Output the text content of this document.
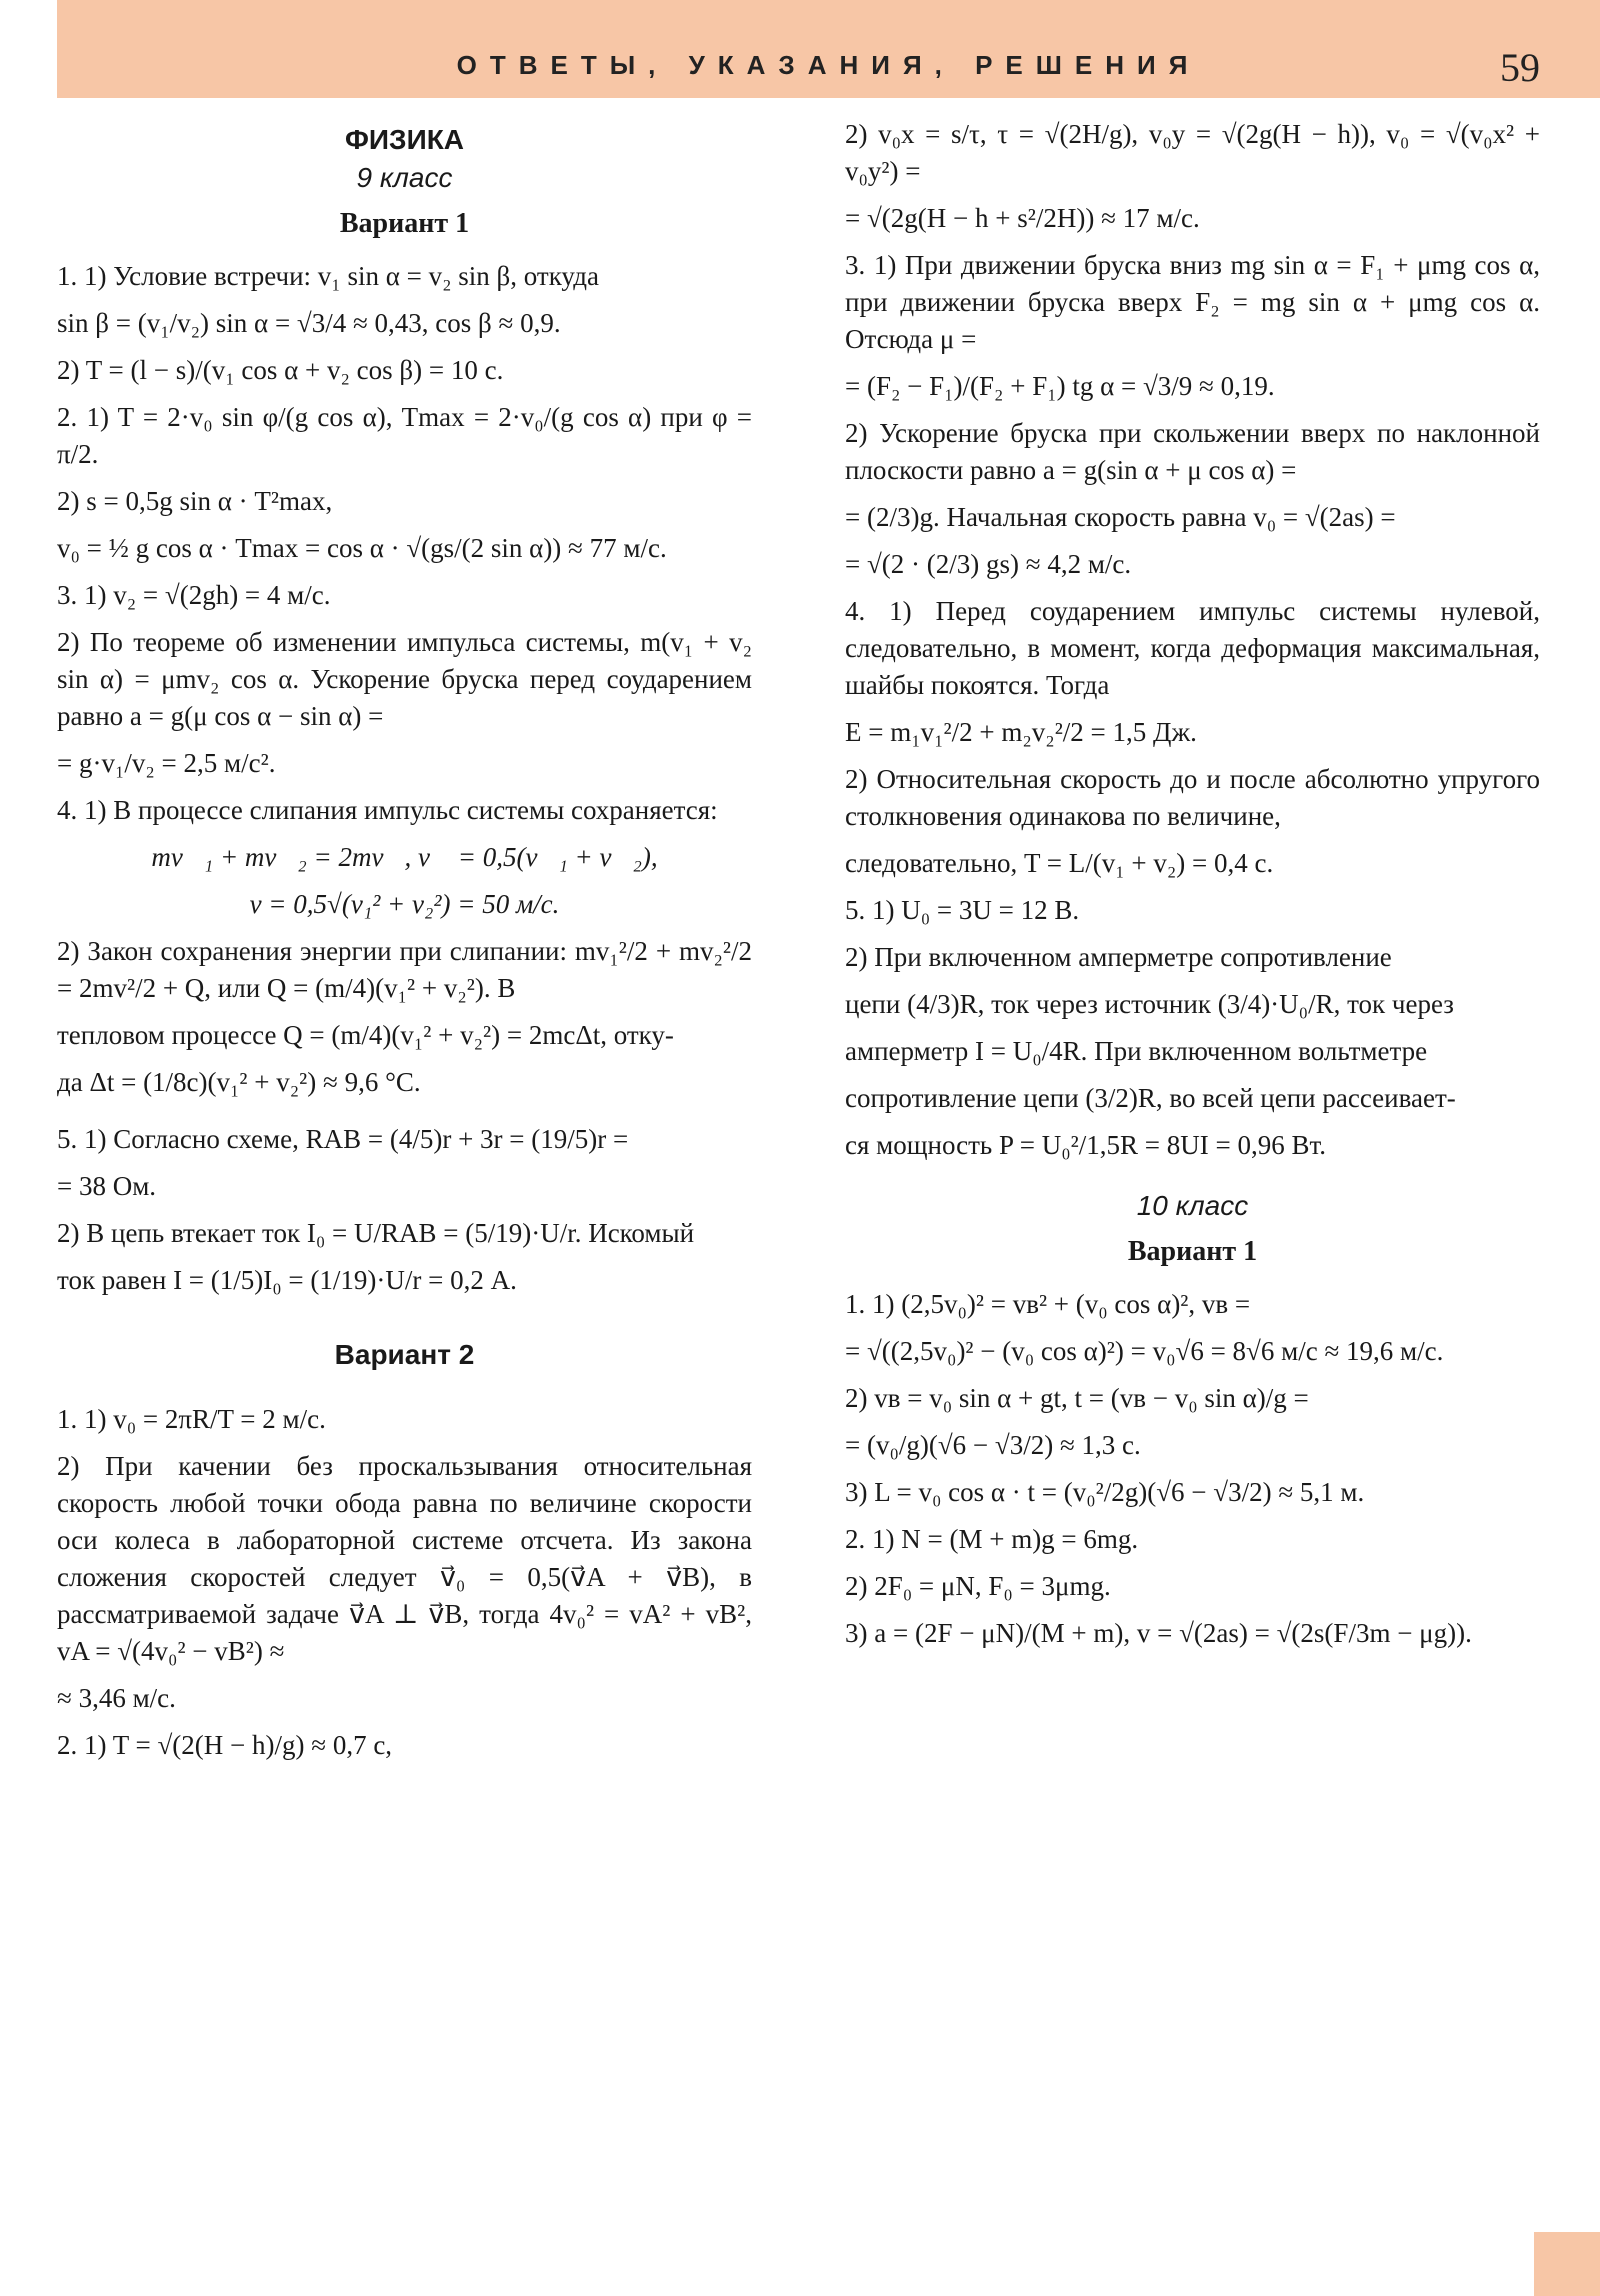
ОТВЕТЫ, УКАЗАНИЯ, РЕШЕНИЯ	59
ФИЗИКА
9 класс
Вариант 1
1. 1) Условие встречи: v₁ sin α = v₂ sin β, откуда
sin β = (v₁/v₂) sin α = √3/4 ≈ 0,43, cos β ≈ 0,9.
2) T = (l − s)/(v₁ cos α + v₂ cos β) = 10 с.
2. 1) T = 2·v₀ sin φ/(g cos α), Tmax = 2·v₀/(g cos α) при φ = π/2.
2) s = 0,5g sin α · T²max,
v₀ = ½ g cos α · Tmax = cos α · √(gs/(2 sin α)) ≈ 77 м/с.
3. 1) v₂ = √(2gh) = 4 м/с.
2) По теореме об изменении импульса системы, m(v₁ + v₂ sin α) = μmv₂ cos α. Ускорение бруска перед соударением равно a = g(μ cos α − sin α) =
= g·v₁/v₂ = 2,5 м/с².
4. 1) В процессе слипания импульс системы сохраняется:
mv⃗₁ + mv⃗₂ = 2mv⃗, v⃗ = 0,5(v⃗₁ + v⃗₂),
v = 0,5√(v₁² + v₂²) = 50 м/с.
2) Закон сохранения энергии при слипании: mv₁²/2 + mv₂²/2 = 2mv²/2 + Q, или Q = (m/4)(v₁² + v₂²). В
тепловом процессе Q = (m/4)(v₁² + v₂²) = 2mcΔt, отку-
да Δt = (1/8c)(v₁² + v₂²) ≈ 9,6 °С.
5. 1) Согласно схеме, RAB = (4/5)r + 3r = (19/5)r =
= 38 Ом.
2) В цепь втекает ток I₀ = U/RAB = (5/19)·U/r. Искомый
ток равен I = (1/5)I₀ = (1/19)·U/r = 0,2 А.
Вариант 2
1. 1) v₀ = 2πR/T = 2 м/с.
2) При качении без проскальзывания относительная скорость любой точки обода равна по величине скорости оси колеса в лабораторной системе отсчета. Из закона сложения скоростей следует v⃗₀ = 0,5(v⃗A + v⃗B), в рассматриваемой задаче v⃗A ⊥ v⃗B, тогда 4v₀² = vA² + vB², vA = √(4v₀² − vB²) ≈
≈ 3,46 м/с.
2. 1) T = √(2(H − h)/g) ≈ 0,7 с,
2) v₀x = s/τ, τ = √(2H/g), v₀y = √(2g(H − h)), v₀ = √(v₀x² + v₀y²) =
= √(2g(H − h + s²/2H)) ≈ 17 м/с.
3. 1) При движении бруска вниз mg sin α = F₁ + μmg cos α, при движении бруска вверх F₂ = mg sin α + μmg cos α. Отсюда μ =
= (F₂ − F₁)/(F₂ + F₁) tg α = √3/9 ≈ 0,19.
2) Ускорение бруска при скольжении вверх по наклонной плоскости равно a = g(sin α + μ cos α) =
= (2/3)g. Начальная скорость равна v₀ = √(2as) =
= √(2 · (2/3) gs) ≈ 4,2 м/с.
4. 1) Перед соударением импульс системы нулевой, следовательно, в момент, когда деформация максимальная, шайбы покоятся. Тогда
E = m₁v₁²/2 + m₂v₂²/2 = 1,5 Дж.
2) Относительная скорость до и после абсолютно упругого столкновения одинакова по величине,
следовательно, T = L/(v₁ + v₂) = 0,4 с.
5. 1) U₀ = 3U = 12 В.
2) При включенном амперметре сопротивление
цепи (4/3)R, ток через источник (3/4)·U₀/R, ток через
амперметр I = U₀/4R. При включенном вольтметре
сопротивление цепи (3/2)R, во всей цепи рассеивает-
ся мощность P = U₀²/1,5R = 8UI = 0,96 Вт.
10 класс
Вариант 1
1. 1) (2,5v₀)² = vв² + (v₀ cos α)², vв =
= √((2,5v₀)² − (v₀ cos α)²) = v₀√6 = 8√6 м/с ≈ 19,6 м/с.
2) vв = v₀ sin α + gt, t = (vв − v₀ sin α)/g =
= (v₀/g)(√6 − √3/2) ≈ 1,3 с.
3) L = v₀ cos α · t = (v₀²/2g)(√6 − √3/2) ≈ 5,1 м.
2. 1) N = (M + m)g = 6mg.
2) 2F₀ = μN, F₀ = 3μmg.
3) a = (2F − μN)/(M + m), v = √(2as) = √(2s(F/3m − μg)).
